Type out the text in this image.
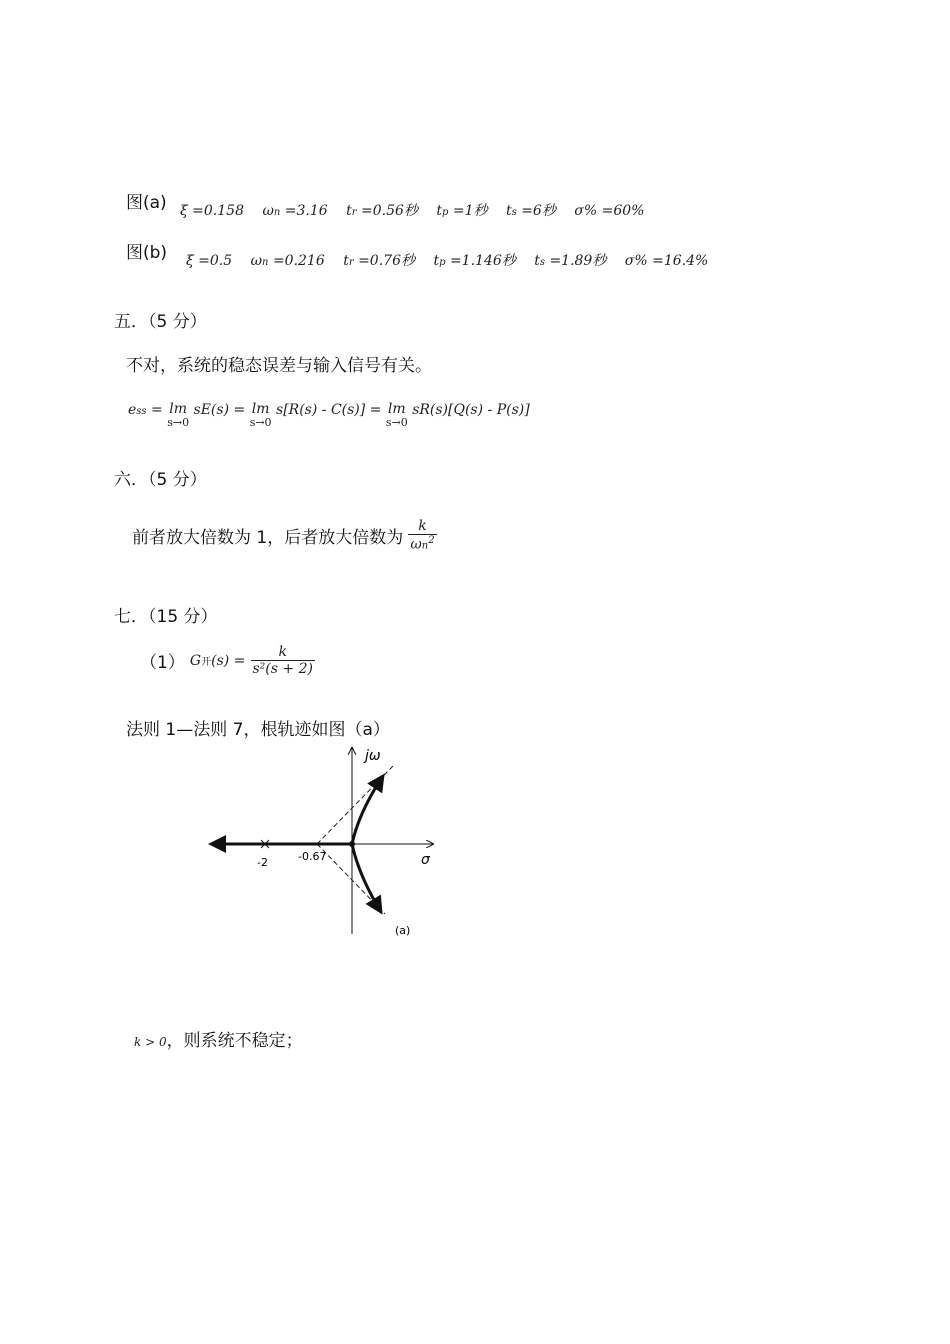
图(a) ξ =0.158 ωn =3.16 tr =0.56秒 tp =1秒 ts =6秒 σ% =60%
图(b) ξ =0.5 ωn =0.216 tr =0.76秒 tp =1.146秒 ts =1.89秒 σ% =16.4%
五．（5 分）
不对，系统的稳态误差与输入信号有关。
ess = lm
s→0
sE(s) = lm
s→0
s[R(s) - C(s)] = lm
s→0
sR(s)[Q(s) - P(s)]
六．（5 分）
前者放大倍数为 1，后者放大倍数为 $\frac{k}{\omega n^2}$
七．（15 分）
（1） G开$(s) = \frac{k}{\text{s²(s + 2)}}$
法则 1—法则 7，根轨迹如图（a）
jω
σ
-2	-0.67
(a)
k > 0，则系统不稳定；
